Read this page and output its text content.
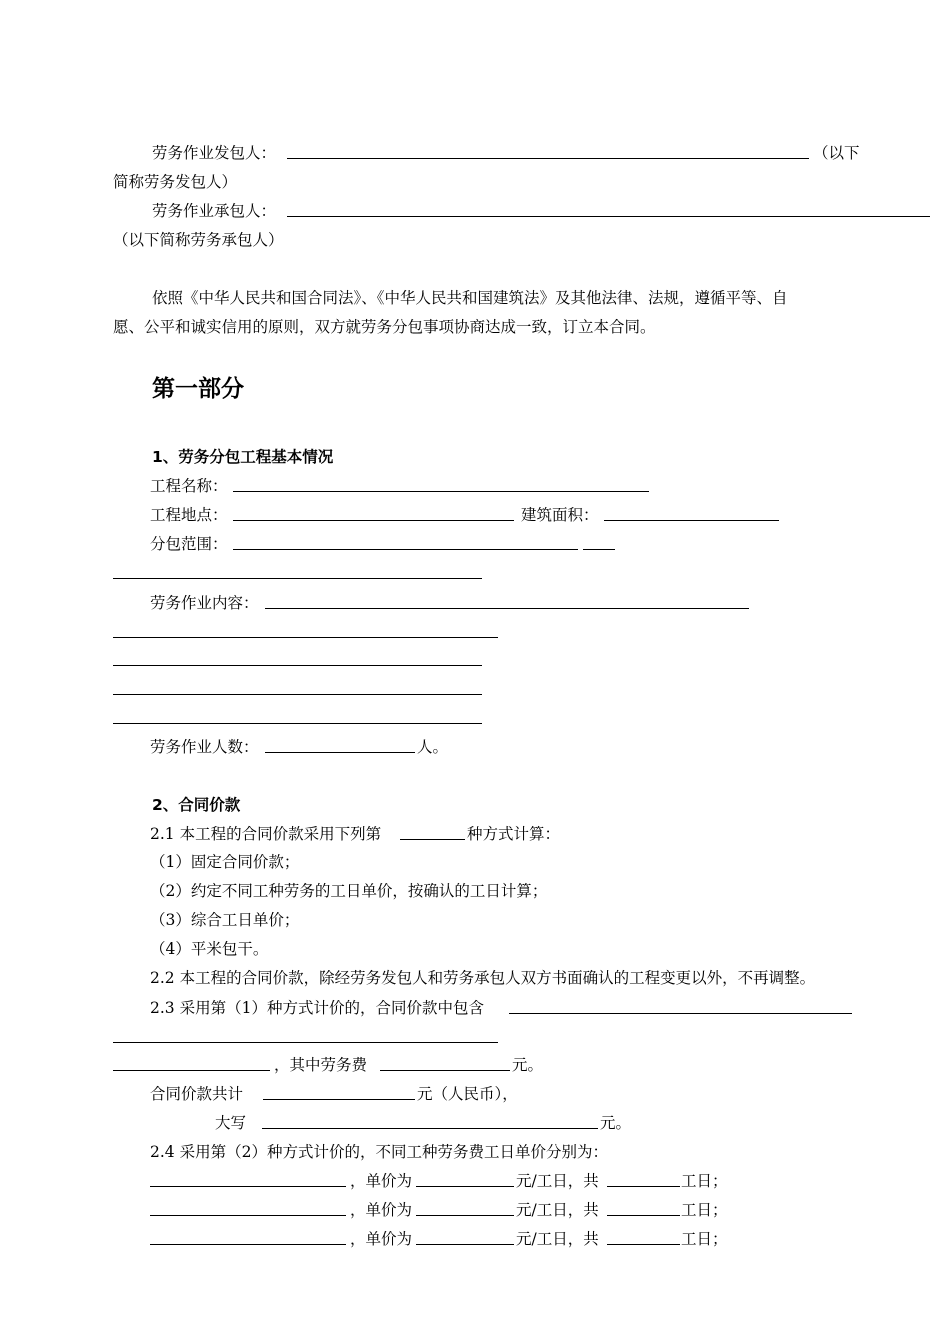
劳务作业发包人：	（以下
简称劳务发包人）
劳务作业承包人：
（以下简称劳务承包人）
依照《中华人民共和国合同法》、《中华人民共和国建筑法》及其他法律、法规，遵循平等、自
愿、公平和诚实信用的原则，双方就劳务分包事项协商达成一致，订立本合同。
第一部分
1、劳务分包工程基本情况
工程名称：
工程地点：	建筑面积：
分包范围：
劳务作业内容：
劳务作业人数：	人。
2、合同价款
2.1 本工程的合同价款采用下列第	种方式计算：
（1）固定合同价款；
（2）约定不同工种劳务的工日单价，按确认的工日计算；
（3）综合工日单价；
（4）平米包干。
2.2 本工程的合同价款，除经劳务发包人和劳务承包人双方书面确认的工程变更以外，不再调整。
2.3 采用第（1）种方式计价的，合同价款中包含
，其中劳务费	元。
合同价款共计	元（人民币），
大写	元。
2.4 采用第（2）种方式计价的，不同工种劳务费工日单价分别为：
，单价为	元/工日，共	工日；
，单价为	元/工日，共	工日；
，单价为	元/工日，共	工日；
